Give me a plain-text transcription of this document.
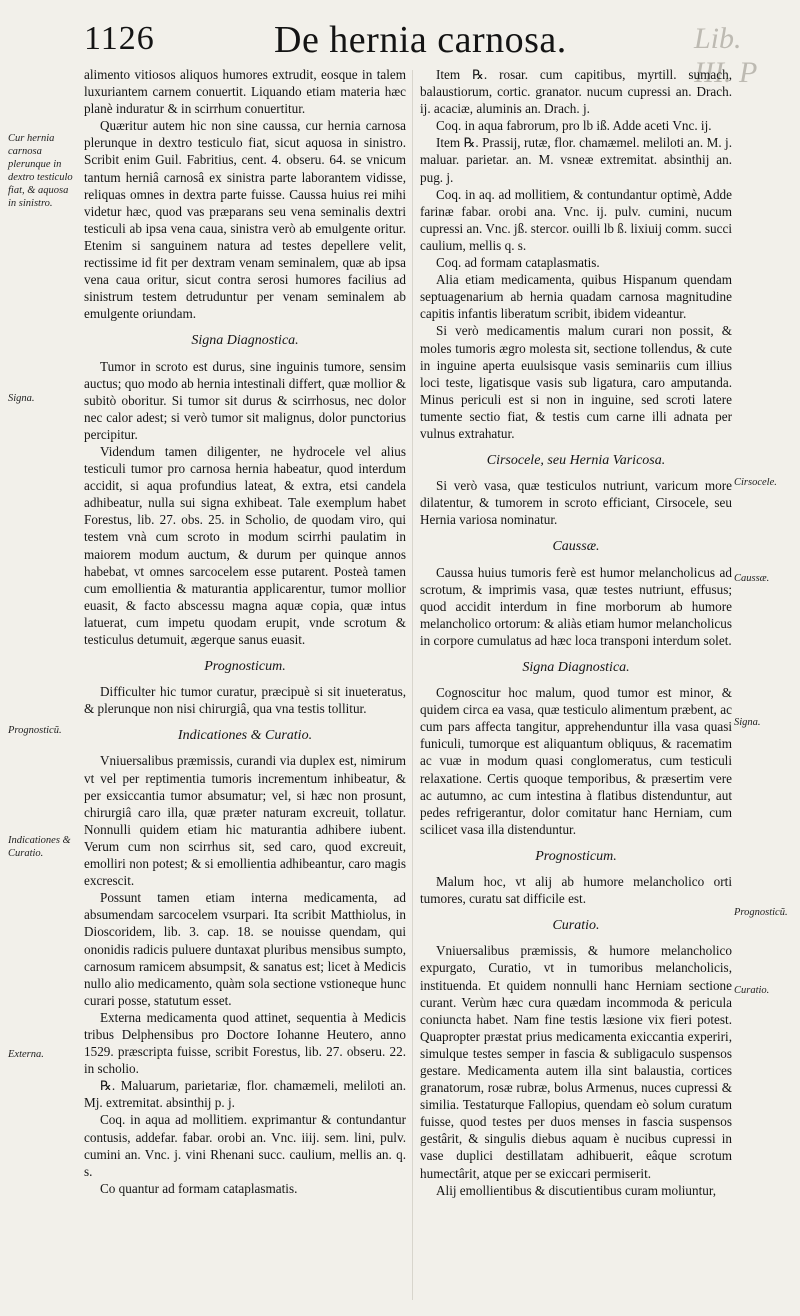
1126	De hernia carnosa.	Lib. III. P
Cur hernia carnosa plerunque in dextro testiculo fiat, & aquosa in sinistro.
Signa.
Prognosticũ.
Indicationes & Curatio.
Externa.
Cirsocele.
Caussæ.
Signa.
Prognosticũ.
Curatio.

alimento vitiosos aliquos humores extrudit, eosque in talem luxuriantem carnem conuertit. Liquando etiam materia hæc planè induratur & in scirrhum conuertitur.

Quæritur autem hic non sine caussa, cur hernia carnosa plerunque in dextro testiculo fiat, sicut aquosa in sinistro. Scribit enim Guil. Fabritius, cent. 4. obseru. 64. se vnicum tantum herniâ carnosâ ex sinistra parte laborantem vidisse, reliquas omnes in dextra parte fuisse. Caussa huius rei mihi videtur hæc, quod vas præparans seu vena seminalis dextri testiculi ab ipsa vena caua, sinistra verò ab emulgente oritur. Etenim si sanguinem natura ad testes depellere velit, rectissime id fit per dextram venam seminalem, quæ ab ipsa vena caua oritur, sicut contra serosi humores facilius ad sinistrum testem detruduntur per venam seminalem ab emulgente oriundam.

Signa Diagnostica.

Tumor in scroto est durus, sine inguinis tumore, sensim auctus; quo modo ab hernia intestinali differt, quæ mollior & subitò oboritur. Si tumor sit durus & scirrhosus, nec dolor nec calor adest; si verò tumor sit malignus, dolor punctorius percipitur.

Videndum tamen diligenter, ne hydrocele vel alius testiculi tumor pro carnosa hernia habeatur, quod interdum accidit, si aqua profundius lateat, & extra, etsi candela adhibeatur, nulla sui signa exhibeat. Tale exemplum habet Forestus, lib. 27. obs. 25. in Scholio, de quodam viro, qui testem vnà cum scroto in modum scirrhi paulatim in maiorem modum auctum, & durum per quinque annos habebat, vt omnes sarcocelem esse putarent. Posteà tamen cum emollientia & maturantia applicarentur, tumor mollior euasit, & facto abscessu magna aquæ copia, quæ intus latuerat, cum impetu quodam erupit, vnde scrotum & testiculus detumuit, ægerque sanus euasit.

Prognosticum.

Difficulter hic tumor curatur, præcipuè si sit inueteratus, & plerunque non nisi chirurgiâ, qua vna testis tollitur.

Indicationes & Curatio.

Vniuersalibus præmissis, curandi via duplex est, nimirum vt vel per reptimentia tumoris incrementum inhibeatur, & per exsiccantia tumor absumatur; vel, si hæc non prosunt, chirurgiâ caro illa, quæ præter naturam excreuit, tollatur. Nonnulli quidem etiam hic maturantia adhibere iubent. Verum cum non scirrhus sit, sed caro, quod excreuit, emolliri non potest; & si emollientia adhibeantur, caro magis excrescit.

Possunt tamen etiam interna medicamenta, ad absumendam sarcocelem vsurpari. Ita scribit Matthiolus, in Dioscoridem, lib. 3. cap. 18. se nouisse quendam, qui ononidis radicis puluere duntaxat pluribus mensibus sumpto, carnosum ramicem absumpsit, & sanatus est; licet à Medicis nullo alio medicamento, quàm sola sectione vstioneque hunc curari posse, statutum esset.

Externa medicamenta quod attinet, sequentia à Medicis tribus Delphensibus pro Doctore Iohanne Heutero, anno 1529. præscripta fuisse, scribit Forestus, lib. 27. obseru. 22. in scholio.

℞. Maluarum, parietariæ, flor. chamæmeli, meliloti an. Mj. extremitat. absinthij p. j.

Coq. in aqua ad mollitiem. exprimantur & contundantur contusis, addefar. fabar. orobi an. Vnc. iiij. sem. lini, pulv. cumini an. Vnc. j. vini Rhenani succ. caulium, mellis an. q. s.

Co quantur ad formam cataplasmatis.

Item ℞. rosar. cum capitibus, myrtill. sumach, balaustiorum, cortic. granator. nucum cupressi an. Drach. ij. acaciæ, aluminis an. Drach. j.

Coq. in aqua fabrorum, pro lb iß. Adde aceti Vnc. ij.

Item ℞. Prassij, rutæ, flor. chamæmel. meliloti an. M. j. maluar. parietar. an. M. vsneæ extremitat. absinthij an. pug. j.

Coq. in aq. ad mollitiem, & contundantur optimè, Adde farinæ fabar. orobi ana. Vnc. ij. pulv. cumini, nucum cupressi an. Vnc. jß. stercor. ouilli lb ß. lixiuij comm. succi caulium, mellis q. s.

Coq. ad formam cataplasmatis.

Alia etiam medicamenta, quibus Hispanum quendam septuagenarium ab hernia quadam carnosa magnitudine capitis infantis liberatum scribit, ibidem videantur.

Si verò medicamentis malum curari non possit, & moles tumoris ægro molesta sit, sectione tollendus, & cute in inguine aperta euulsisque vasis seminariis cum illius loci teste, ligatisque vasis sub ligatura, caro amputanda. Minus periculi est si non in inguine, sed scroti latere tumente sectio fiat, & testis cum carne illi adnata per vulnus extrahatur.

Cirsocele, seu Hernia Varicosa.

Si verò vasa, quæ testiculos nutriunt, varicum more dilatentur, & tumorem in scroto efficiant, Cirsocele, seu Hernia variosa nominatur.

Caussæ.

Caussa huius tumoris ferè est humor melancholicus ad scrotum, & imprimis vasa, quæ testes nutriunt, effusus; quod accidit interdum in fine morborum ab humore melancholico ortorum: & aliàs etiam humor melancholicus in corpore cumulatus ad hæc loca transponi interdum solet.

Signa Diagnostica.

Cognoscitur hoc malum, quod tumor est minor, & quidem circa ea vasa, quæ testiculo alimentum præbent, ac cum pars affecta tangitur, apprehenduntur illa vasa quasi funiculi, tumorque est aliquantum obliquus, & racematim ac vuæ in modum quasi conglomeratus, cum testiculi relaxatione. Certis quoque temporibus, & præsertim vere ac autumno, ac cum intestina à flatibus distenduntur, aut pedes refrigerantur, dolor comitatur hanc Herniam, cum scilicet vasa illa distenduntur.

Prognosticum.

Malum hoc, vt alij ab humore melancholico orti tumores, curatu sat difficile est.

Curatio.

Vniuersalibus præmissis, & humore melancholico expurgato, Curatio, vt in tumoribus melancholicis, instituenda. Et quidem nonnulli hanc Herniam sectione curant. Verùm hæc cura quædam incommoda & pericula coniuncta habet. Nam fine testis læsione vix fieri potest. Quapropter præstat prius medicamenta exiccantia experiri, simulque testes semper in fascia & subligaculo suspensos gestare. Medicamenta autem illa sint balaustia, cortices granatorum, rosæ rubræ, bolus Armenus, nuces cupressi & similia. Testaturque Fallopius, quendam eò solum curatum fuisse, quod testes per duos menses in fascia suspensos gestârit, & singulis diebus aquam è nucibus cupressi in vase duplici destillatam adhibuerit, eâque scrotum humectârit, atque per se exiccari permiserit.

Alij emollientibus & discutientibus curam moliuntur,
